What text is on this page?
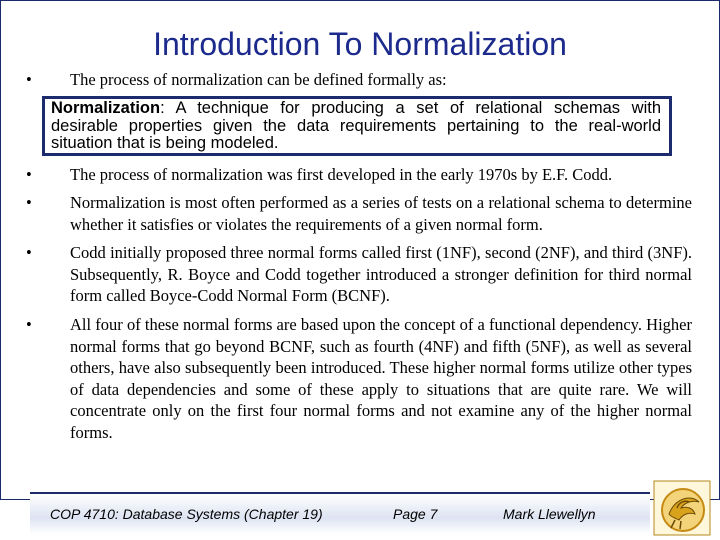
Introduction To Normalization
•	The process of normalization can be defined formally as:
Normalization: A technique for producing a set of relational schemas with desirable properties given the data requirements pertaining to the real-world situation that is being modeled.
•	The process of normalization was first developed in the early 1970s by E.F. Codd.
•	Normalization is most often performed as a series of tests on a relational schema to determine whether it satisfies or violates the requirements of a given normal form.
•	Codd initially proposed three normal forms called first (1NF), second (2NF), and third (3NF). Subsequently, R. Boyce and Codd together introduced a stronger definition for third normal form called Boyce-Codd Normal Form (BCNF).
•	All four of these normal forms are based upon the concept of a functional dependency. Higher normal forms that go beyond BCNF, such as fourth (4NF) and fifth (5NF), as well as several others, have also subsequently been introduced. These higher normal forms utilize other types of data dependencies and some of these apply to situations that are quite rare. We will concentrate only on the first four normal forms and not examine any of the higher normal forms.
COP 4710: Database Systems (Chapter 19)	Page 7	Mark Llewellyn
